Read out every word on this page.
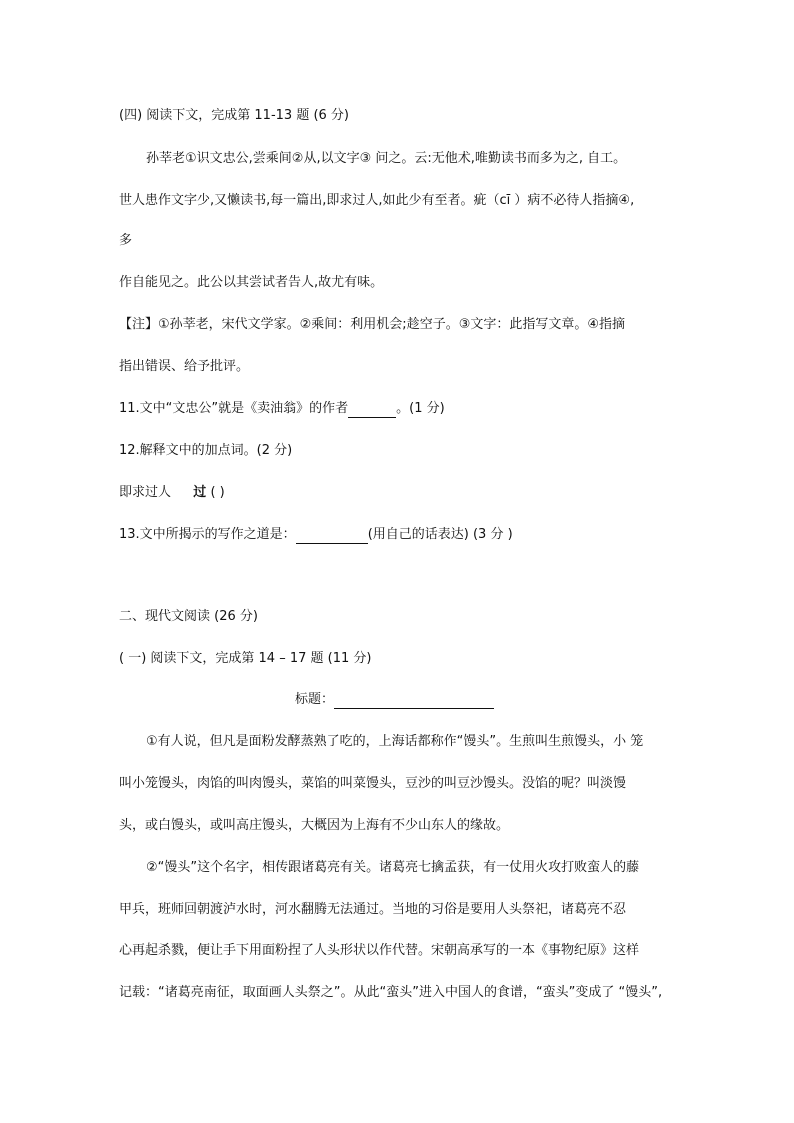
(四) 阅读下文，完成第 11-13 题 (6 分)
孙莘老①识文忠公,尝乘间②从,以文字③ 问之。云:无他术,唯勤读书而多为之, 自工。
世人患作文字少,又懒读书,每一篇出,即求过人,如此少有至者。疵（cī ）病不必待人指摘④,
多
作自能见之。此公以其尝试者告人,故尤有味。
【注】①孙莘老，宋代文学家。②乘间：利用机会;趁空子。③文字：此指写文章。④指摘
指出错误、给予批评。
11.文中“文忠公”就是《卖油翁》的作者	。(1 分)
12.解释文中的加点词。(2 分)
即求过人 过 ( )
13.文中所揭示的写作之道是：	(用自己的话表达) (3 分 )
二、现代文阅读 (26 分)
( 一) 阅读下文，完成第 14 – 17 题 (11 分)
标题：
①有人说，但凡是面粉发酵蒸熟了吃的，上海话都称作“馒头”。生煎叫生煎馒头，小 笼
叫小笼馒头，肉馅的叫肉馒头，菜馅的叫菜馒头，豆沙的叫豆沙馒头。没馅的呢？叫淡馒
头，或白馒头，或叫高庄馒头，大概因为上海有不少山东人的缘故。
②“馒头”这个名字，相传跟诸葛亮有关。诸葛亮七擒孟获，有一仗用火攻打败蛮人的藤
甲兵，班师回朝渡泸水时，河水翻腾无法通过。当地的习俗是要用人头祭祀，诸葛亮不忍
心再起杀戮，便让手下用面粉捏了人头形状以作代替。宋朝高承写的一本《事物纪原》这样
记载：“诸葛亮南征，取面画人头祭之”。从此“蛮头”进入中国人的食谱，“蛮头”变成了 “馒头”,
